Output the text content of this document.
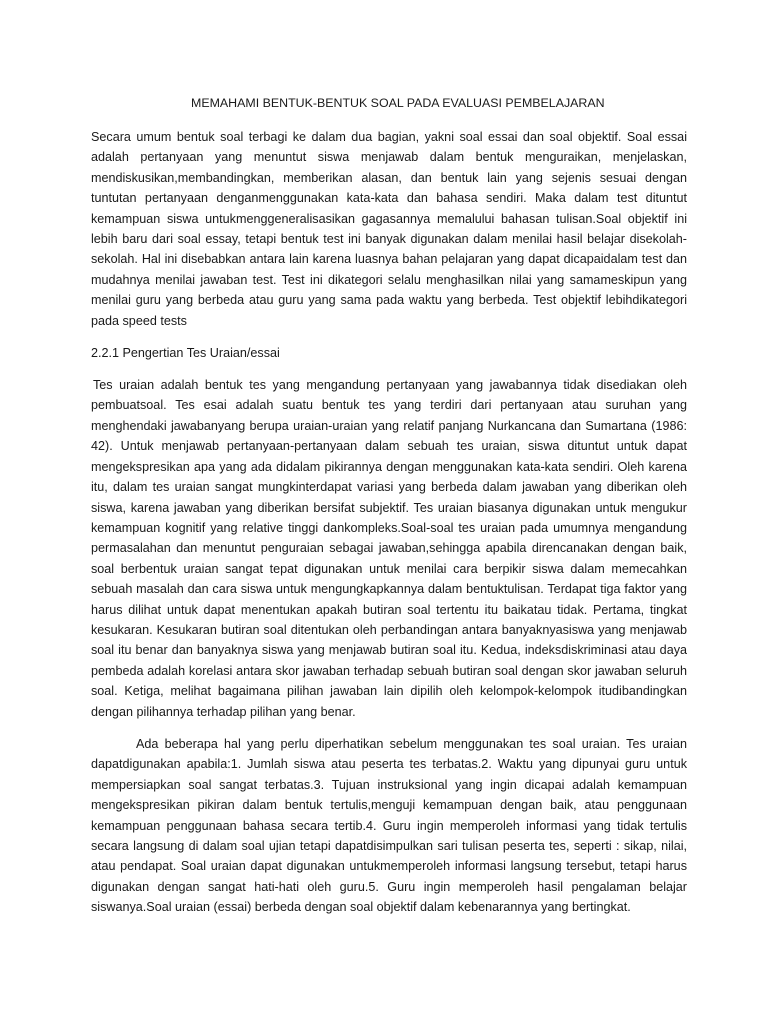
MEMAHAMI BENTUK-BENTUK SOAL PADA EVALUASI PEMBELAJARAN

Secara umum bentuk soal terbagi ke dalam dua bagian, yakni soal essai dan soal objektif. Soal essai adalah pertanyaan yang menuntut siswa menjawab dalam bentuk menguraikan, menjelaskan, mendiskusikan,membandingkan, memberikan alasan, dan bentuk lain yang sejenis sesuai dengan tuntutan pertanyaan denganmenggunakan kata-kata dan bahasa sendiri. Maka dalam test dituntut kemampuan siswa untukmenggeneralisasikan gagasannya memalului bahasan tulisan.Soal objektif ini lebih baru dari soal essay, tetapi bentuk test ini banyak digunakan dalam menilai hasil belajar disekolah-sekolah. Hal ini disebabkan antara lain karena luasnya bahan pelajaran yang dapat dicapaidalam test dan mudahnya menilai jawaban test. Test ini dikategori selalu menghasilkan nilai yang samameskipun yang menilai guru yang berbeda atau guru yang sama pada waktu yang berbeda. Test objektif lebihdikategori pada speed tests

2.2.1 Pengertian Tes Uraian/essai

Tes uraian adalah bentuk tes yang mengandung pertanyaan yang jawabannya tidak disediakan oleh pembuatsoal. Tes esai adalah suatu bentuk tes yang terdiri dari pertanyaan atau suruhan yang menghendaki jawabanyang berupa uraian-uraian yang relatif panjang Nurkancana dan Sumartana (1986: 42). Untuk menjawab pertanyaan-pertanyaan dalam sebuah tes uraian, siswa dituntut untuk dapat mengekspresikan apa yang ada didalam pikirannya dengan menggunakan kata-kata sendiri. Oleh karena itu, dalam tes uraian sangat mungkinterdapat variasi yang berbeda dalam jawaban yang diberikan oleh siswa, karena jawaban yang diberikan bersifat subjektif. Tes uraian biasanya digunakan untuk mengukur kemampuan kognitif yang relative tinggi dankompleks.Soal-soal tes uraian pada umumnya mengandung permasalahan dan menuntut penguraian sebagai jawaban,sehingga apabila direncanakan dengan baik, soal berbentuk uraian sangat tepat digunakan untuk menilai cara berpikir siswa dalam memecahkan sebuah masalah dan cara siswa untuk mengungkapkannya dalam bentuktulisan. Terdapat tiga faktor yang harus dilihat untuk dapat menentukan apakah butiran soal tertentu itu baikatau tidak. Pertama, tingkat kesukaran. Kesukaran butiran soal ditentukan oleh perbandingan antara banyaknyasiswa yang menjawab soal itu benar dan banyaknya siswa yang menjawab butiran soal itu. Kedua, indeksdiskriminasi atau daya pembeda adalah korelasi antara skor jawaban terhadap sebuah butiran soal dengan skor jawaban seluruh soal. Ketiga, melihat bagaimana pilihan jawaban lain dipilih oleh kelompok-kelompok itudibandingkan dengan pilihannya terhadap pilihan yang benar.

Ada beberapa hal yang perlu diperhatikan sebelum menggunakan tes soal uraian. Tes uraian dapatdigunakan apabila:1. Jumlah siswa atau peserta tes terbatas.2. Waktu yang dipunyai guru untuk mempersiapkan soal sangat terbatas.3. Tujuan instruksional yang ingin dicapai adalah kemampuan mengekspresikan pikiran dalam bentuk tertulis,menguji kemampuan dengan baik, atau penggunaan kemampuan penggunaan bahasa secara tertib.4. Guru ingin memperoleh informasi yang tidak tertulis secara langsung di dalam soal ujian tetapi dapatdisimpulkan sari tulisan peserta tes, seperti : sikap, nilai, atau pendapat. Soal uraian dapat digunakan untukmemperoleh informasi langsung tersebut, tetapi harus digunakan dengan sangat hati-hati oleh guru.5. Guru ingin memperoleh hasil pengalaman belajar siswanya.Soal uraian (essai) berbeda dengan soal objektif dalam kebenarannya yang bertingkat.
